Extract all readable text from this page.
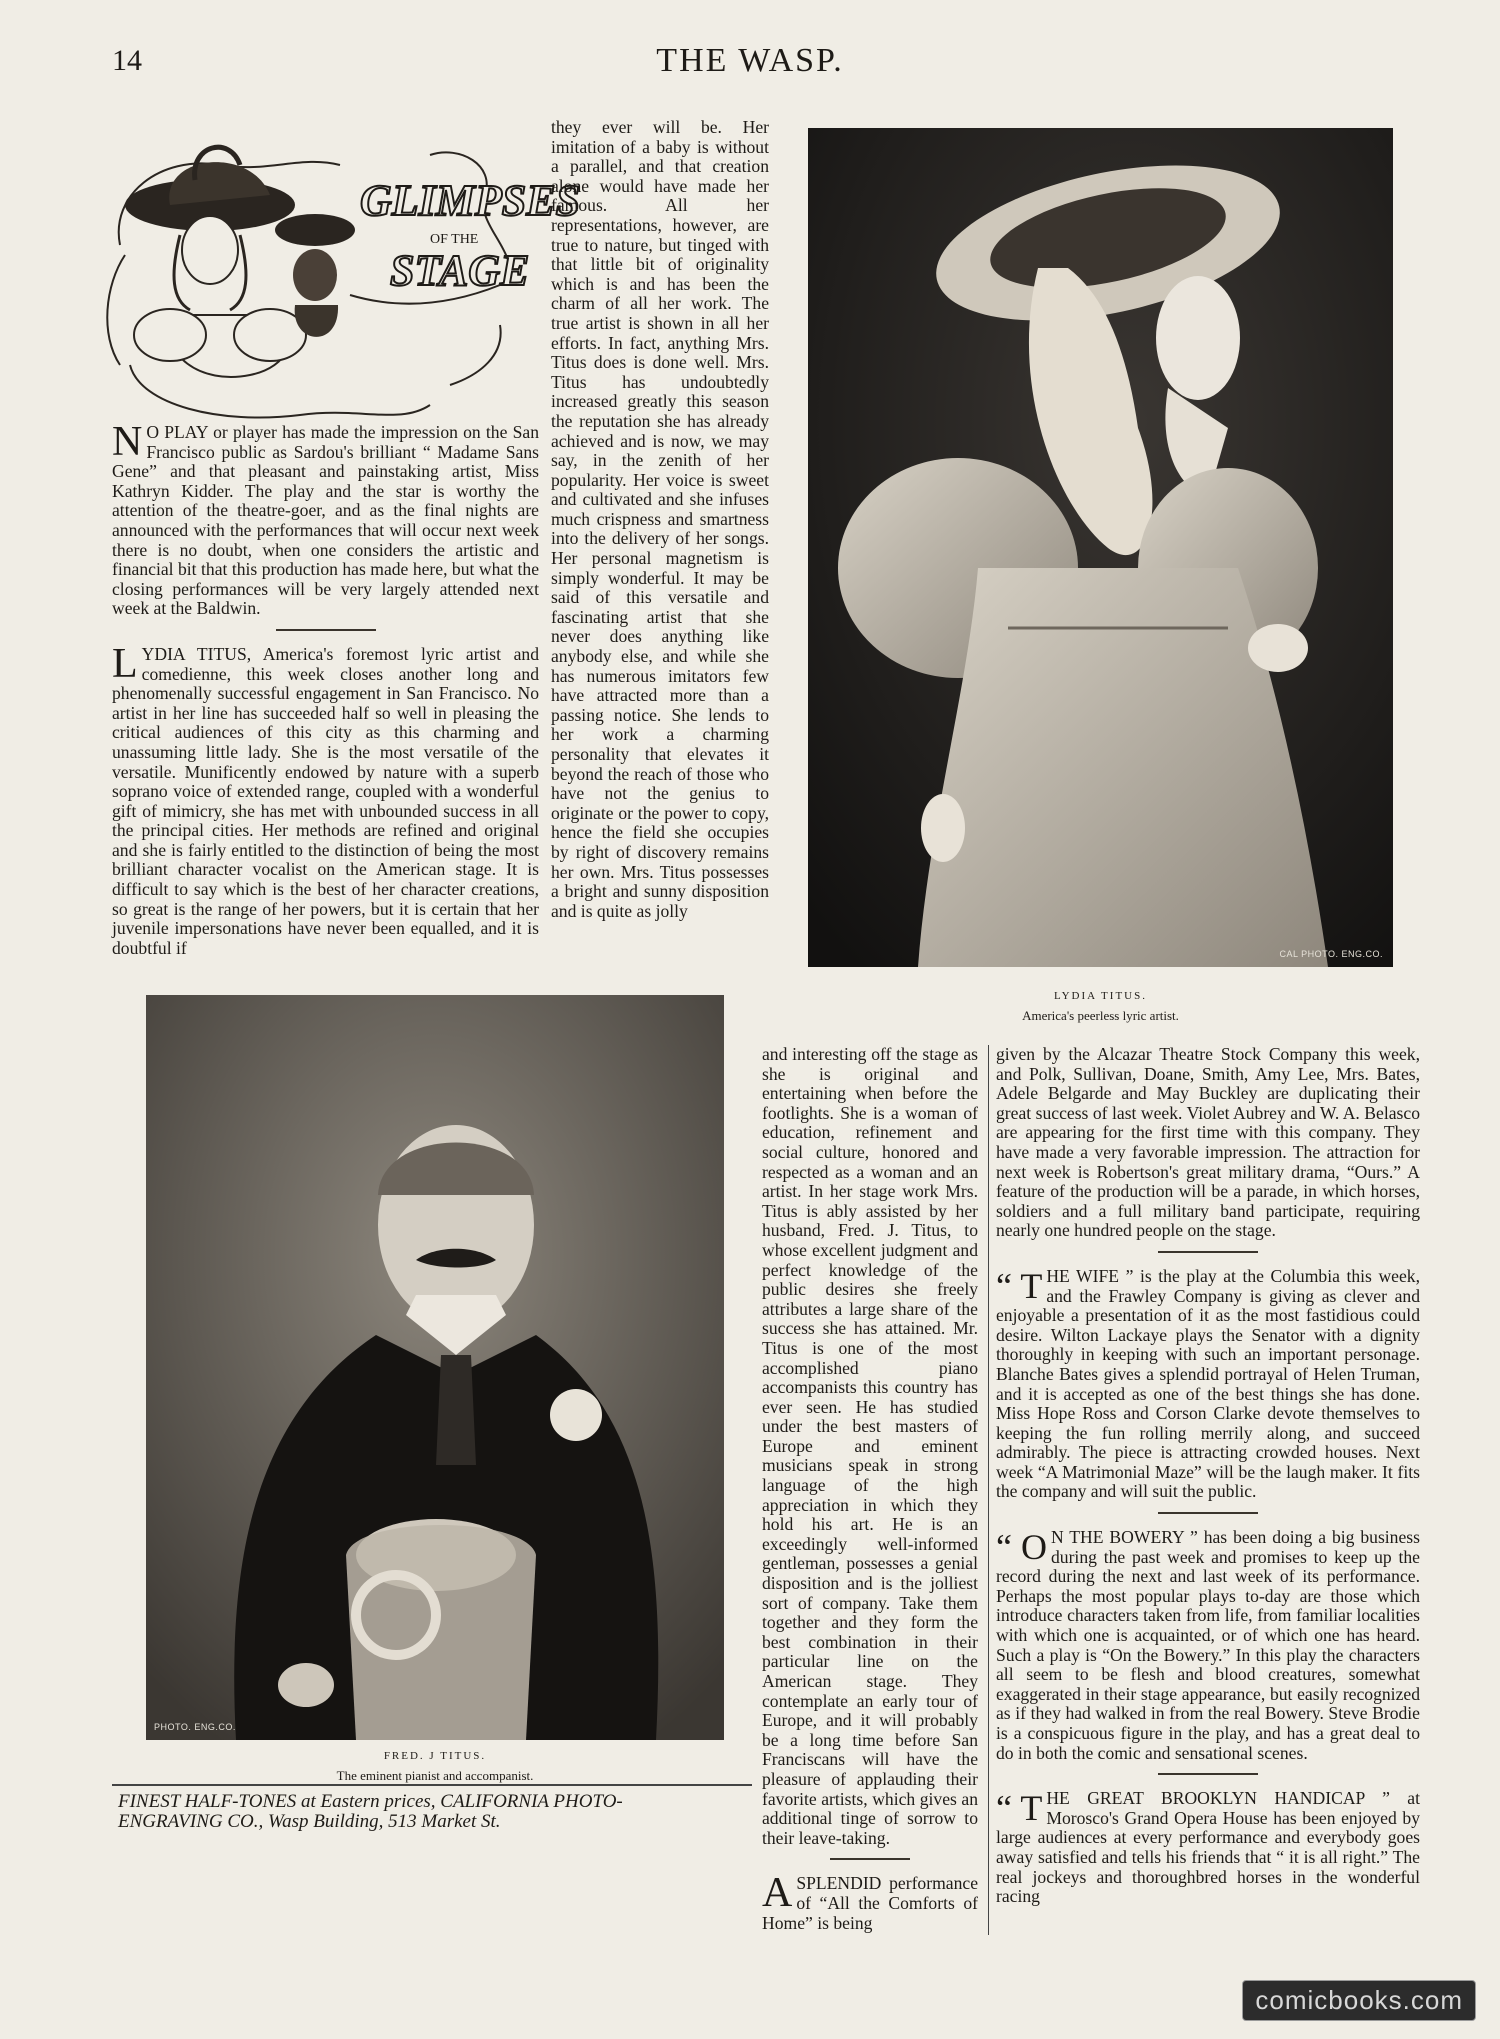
14	THE WASP.
GLIMPSES
OF THE
STAGE

N O PLAY or player has made the impression on the San Francisco public as Sardou's brilliant “ Madame Sans Gene” and that pleasant and painstaking artist, Miss Kathryn Kidder. The play and the star is worthy the attention of the theatre-goer, and as the final nights are announced with the performances that will occur next week there is no doubt, when one considers the artistic and financial bit that this production has made here, but what the closing performances will be very largely attended next week at the Baldwin.

LYDIA TITUS, America's foremost lyric artist and comedienne, this week closes another long and phenomenally successful engagement in San Francisco. No artist in her line has succeeded half so well in pleasing the critical audiences of this city as this charming and unassuming little lady. She is the most versatile of the versatile. Munificently endowed by nature with a superb soprano voice of extended range, coupled with a wonderful gift of mimicry, she has met with unbounded success in all the principal cities. Her methods are refined and original and she is fairly entitled to the distinction of being the most brilliant character vocalist on the American stage. It is difficult to say which is the best of her character creations, so great is the range of her powers, but it is certain that her juvenile impersonations have never been equalled, and it is doubtful if

they ever will be. Her imitation of a baby is without a parallel, and that creation alone would have made her famous. All her representations, however, are true to nature, but tinged with that little bit of originality which is and has been the charm of all her work. The true artist is shown in all her efforts. In fact, anything Mrs. Titus does is done well. Mrs. Titus has undoubtedly increased greatly this season the reputation she has already achieved and is now, we may say, in the zenith of her popularity. Her voice is sweet and cultivated and she infuses much crispness and smartness into the delivery of her songs. Her personal magnetism is simply wonderful. It may be said of this versatile and fascinating artist that she never does anything like anybody else, and while she has numerous imitators few have attracted more than a passing notice. She lends to her work a charming personality that elevates it beyond the reach of those who have not the genius to originate or the power to copy, hence the field she occupies by right of discovery remains her own. Mrs. Titus possesses a bright and sunny disposition and is quite as jolly

CAL PHOTO. ENG.CO.
LYDIA TITUS.
America's peerless lyric artist.
PHOTO. ENG.CO.
FRED. J TITUS.
The eminent pianist and accompanist.

and interesting off the stage as she is original and entertaining when before the footlights. She is a woman of education, refinement and social culture, honored and respected as a woman and an artist. In her stage work Mrs. Titus is ably assisted by her husband, Fred. J. Titus, to whose excellent judgment and perfect knowledge of the public desires she freely attributes a large share of the success she has attained. Mr. Titus is one of the most accomplished piano accompanists this country has ever seen. He has studied under the best masters of Europe and eminent musicians speak in strong language of the high appreciation in which they hold his art. He is an exceedingly well-informed gentleman, possesses a genial disposition and is the jolliest sort of company. Take them together and they form the best combination in their particular line on the American stage. They contemplate an early tour of Europe, and it will probably be a long time before San Franciscans will have the pleasure of applauding their favorite artists, which gives an additional tinge of sorrow to their leave-taking.

ASPLENDID performance of “All the Comforts of Home” is being

given by the Alcazar Theatre Stock Company this week, and Polk, Sullivan, Doane, Smith, Amy Lee, Mrs. Bates, Adele Belgarde and May Buckley are duplicating their great success of last week. Violet Aubrey and W. A. Belasco are appearing for the first time with this company. They have made a very favorable impression. The attraction for next week is Robertson's great military drama, “Ours.” A feature of the production will be a parade, in which horses, soldiers and a full military band participate, requiring nearly one hundred people on the stage.

“ T HE WIFE ” is the play at the Columbia this week, and the Frawley Company is giving as clever and enjoyable a presentation of it as the most fastidious could desire. Wilton Lackaye plays the Senator with a dignity thoroughly in keeping with such an important personage. Blanche Bates gives a splendid portrayal of Helen Truman, and it is accepted as one of the best things she has done. Miss Hope Ross and Corson Clarke devote themselves to keeping the fun rolling merrily along, and succeed admirably. The piece is attracting crowded houses. Next week “A Matrimonial Maze” will be the laugh maker. It fits the company and will suit the public.

“ O N THE BOWERY ” has been doing a big business during the past week and promises to keep up the record during the next and last week of its performance. Perhaps the most popular plays to-day are those which introduce characters taken from life, from familiar localities with which one is acquainted, or of which one has heard. Such a play is “On the Bowery.” In this play the characters all seem to be flesh and blood creatures, somewhat exaggerated in their stage appearance, but easily recognized as if they had walked in from the real Bowery. Steve Brodie is a conspicuous figure in the play, and has a great deal to do in both the comic and sensational scenes.

“ T HE GREAT BROOKLYN HANDICAP ” at Morosco's Grand Opera House has been enjoyed by large audiences at every performance and everybody goes away satisfied and tells his friends that “ it is all right.” The real jockeys and thoroughbred horses in the wonderful racing

FINEST HALF-TONES at Eastern prices, CALIFORNIA PHOTO-
ENGRAVING CO., Wasp Building, 513 Market St.
comicbooks.com
